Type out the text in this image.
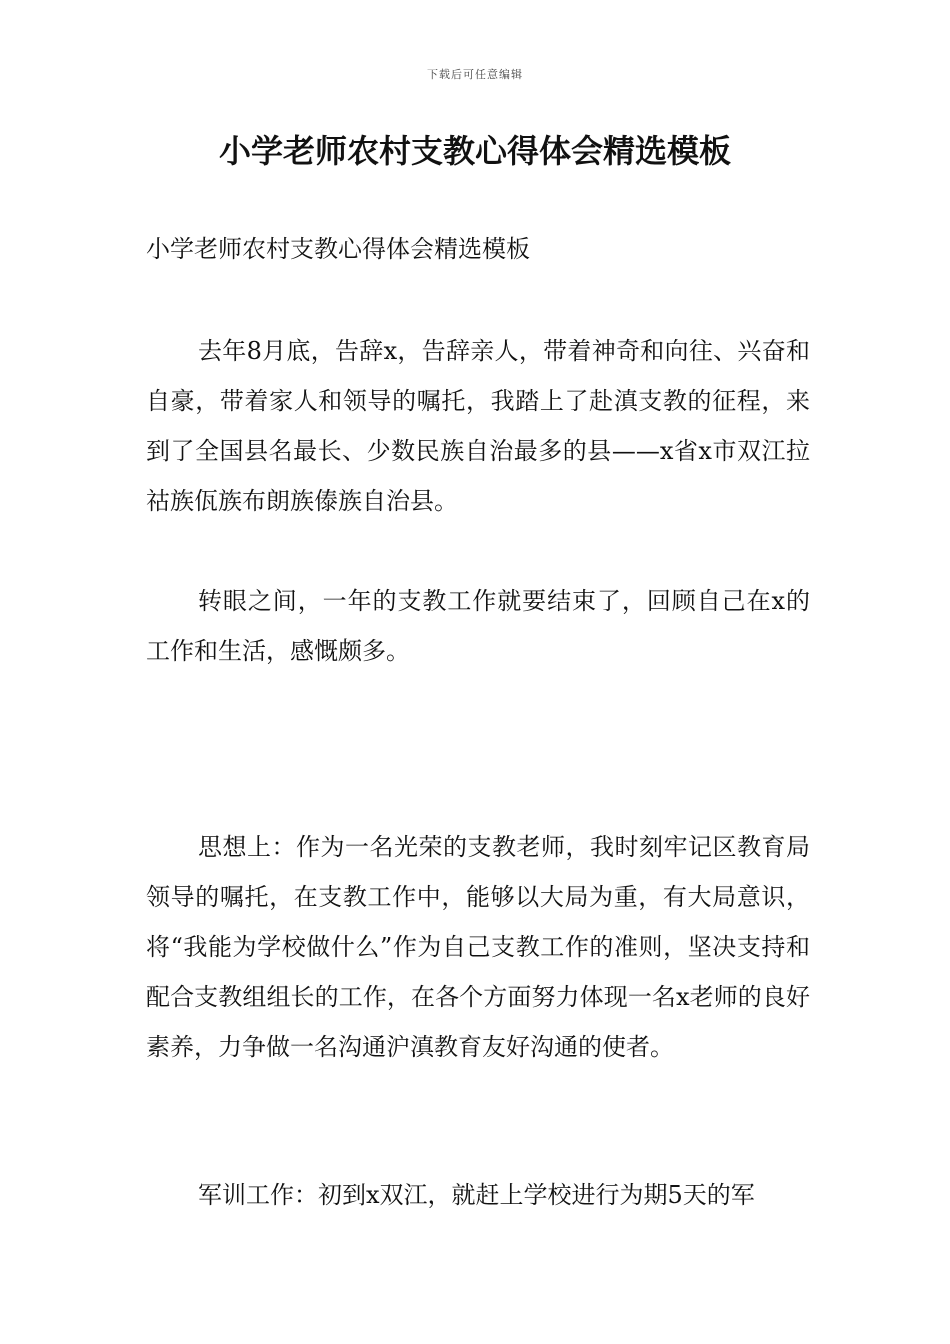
下载后可任意编辑
小学老师农村支教心得体会精选模板

小学老师农村支教心得体会精选模板

去年8月底，告辞x，告辞亲人，带着神奇和向往、兴奋和自豪，带着家人和领导的嘱托，我踏上了赴滇支教的征程，来到了全国县名最长、少数民族自治最多的县——x省x市双江拉祜族佤族布朗族傣族自治县。

转眼之间，一年的支教工作就要结束了，回顾自己在x的工作和生活，感慨颇多。

思想上：作为一名光荣的支教老师，我时刻牢记区教育局领导的嘱托，在支教工作中，能够以大局为重，有大局意识，将“我能为学校做什么”作为自己支教工作的准则，坚决支持和配合支教组组长的工作，在各个方面努力体现一名x老师的良好素养，力争做一名沟通沪滇教育友好沟通的使者。

军训工作：初到x双江，就赶上学校进行为期5天的军
